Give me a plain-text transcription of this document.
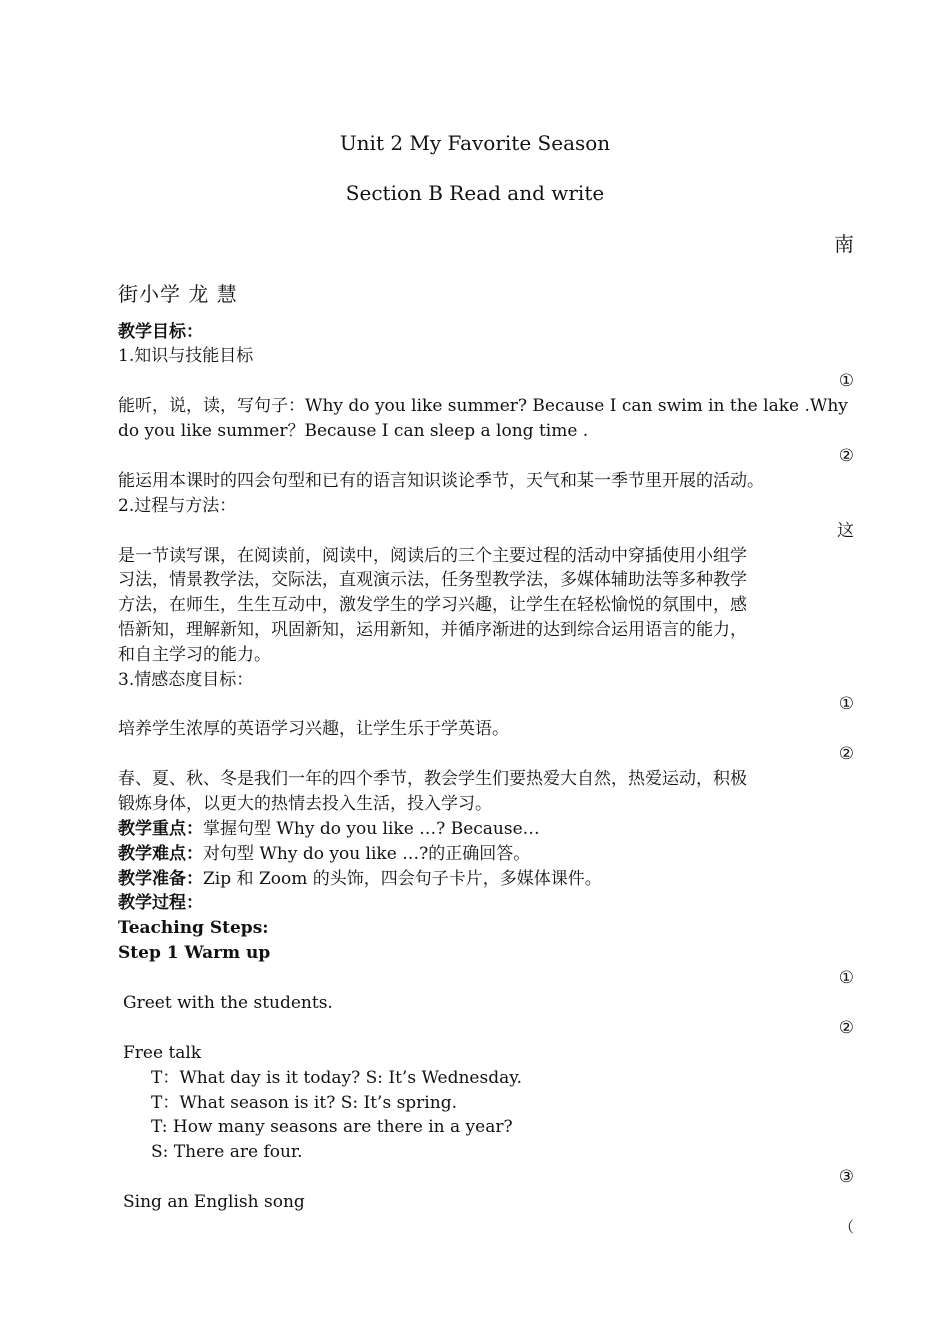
Unit 2 My Favorite Season
Section B Read and write
南
街小学 龙 慧
教学目标：
1.知识与技能目标
①
能听，说，读，写句子：Why do you like summer? Because I can swim in the lake .Why
do you like summer？Because I can sleep a long time .
②
能运用本课时的四会句型和已有的语言知识谈论季节，天气和某一季节里开展的活动。
2.过程与方法：
这
是一节读写课，在阅读前，阅读中，阅读后的三个主要过程的活动中穿插使用小组学
习法，情景教学法，交际法，直观演示法，任务型教学法，多媒体辅助法等多种教学
方法，在师生，生生互动中，激发学生的学习兴趣，让学生在轻松愉悦的氛围中，感
悟新知，理解新知，巩固新知，运用新知，并循序渐进的达到综合运用语言的能力，
和自主学习的能力。
3.情感态度目标：
①
培养学生浓厚的英语学习兴趣，让学生乐于学英语。
②
春、夏、秋、冬是我们一年的四个季节，教会学生们要热爱大自然，热爱运动，积极
锻炼身体，以更大的热情去投入生活，投入学习。
教学重点：掌握句型 Why do you like …? Because…
教学难点：对句型 Why do you like …?的正确回答。
教学准备：Zip 和 Zoom 的头饰，四会句子卡片，多媒体课件。
教学过程：
Teaching Steps:
Step 1 Warm up
①
Greet with the students.
②
Free talk
T：What day is it today? S: It’s Wednesday.
T：What season is it? S: It’s spring.
T: How many seasons are there in a year?
S: There are four.
③
Sing an English song
（
